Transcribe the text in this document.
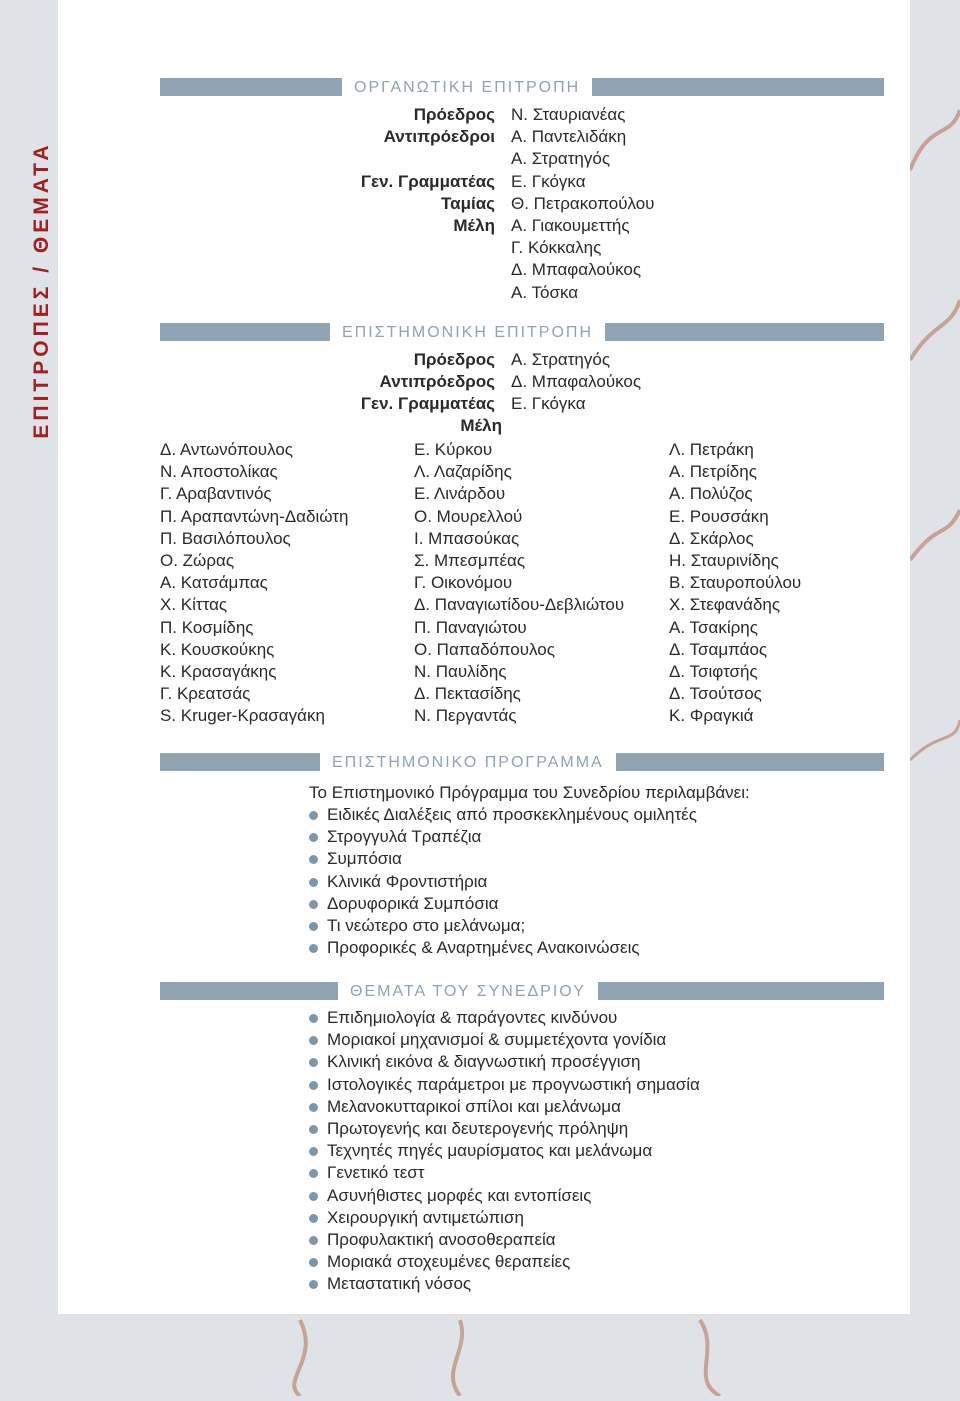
ΕΠΙΤΡΟΠΕΣ / ΘΕΜΑΤΑ
ΟΡΓΑΝΩΤΙΚΗ ΕΠΙΤΡΟΠΗ
Πρόεδρος Ν. Σταυριανέας
Αντιπρόεδροι Α. Παντελιδάκη
Α. Στρατηγός
Γεν. Γραμματέας Ε. Γκόγκα
Ταμίας Θ. Πετρακοπούλου
Μέλη Α. Γιακουμεττής
Γ. Κόκκαλης
Δ. Μπαφαλούκος
Α. Τόσκα
ΕΠΙΣΤΗΜΟΝΙΚΗ ΕΠΙΤΡΟΠΗ
Πρόεδρος Α. Στρατηγός
Αντιπρόεδρος Δ. Μπαφαλούκος
Γεν. Γραμματέας Ε. Γκόγκα
Μέλη
Δ. Αντωνόπουλος
Ν. Αποστολίκας
Γ. Αραβαντινός
Π. Αραπαντώνη-Δαδιώτη
Π. Βασιλόπουλος
Ο. Ζώρας
Α. Κατσάμπας
Χ. Κίττας
Π. Κοσμίδης
Κ. Κουσκούκης
Κ. Κρασαγάκης
Γ. Κρεατσάς
S. Kruger-Κρασαγάκη
Ε. Κύρκου
Λ. Λαζαρίδης
Ε. Λινάρδου
Ο. Μουρελλού
Ι. Μπασούκας
Σ. Μπεσμπέας
Γ. Οικονόμου
Δ. Παναγιωτίδου-Δεβλιώτου
Π. Παναγιώτου
Ο. Παπαδόπουλος
Ν. Παυλίδης
Δ. Πεκτασίδης
Ν. Περγαντάς
Λ. Πετράκη
Α. Πετρίδης
Α. Πολύζος
Ε. Ρουσσάκη
Δ. Σκάρλος
Η. Σταυρινίδης
Β. Σταυροπούλου
Χ. Στεφανάδης
Α. Τσακίρης
Δ. Τσαμπάος
Δ. Τσιφτσής
Δ. Τσούτσος
Κ. Φραγκιά
ΕΠΙΣΤΗΜΟΝΙΚΟ ΠΡΟΓΡΑΜΜΑ
Το Επιστημονικό Πρόγραμμα του Συνεδρίου περιλαμβάνει:
Ειδικές Διαλέξεις από προσκεκλημένους ομιλητές
Στρογγυλά Τραπέζια
Συμπόσια
Κλινικά Φροντιστήρια
Δορυφορικά Συμπόσια
Τι νεώτερο στο μελάνωμα;
Προφορικές & Αναρτημένες Ανακοινώσεις
ΘΕΜΑΤΑ ΤΟΥ ΣΥΝΕΔΡΙΟΥ
Επιδημιολογία & παράγοντες κινδύνου
Μοριακοί μηχανισμοί & συμμετέχοντα γονίδια
Κλινική εικόνα & διαγνωστική προσέγγιση
Ιστολογικές παράμετροι με προγνωστική σημασία
Μελανοκυτταρικοί σπίλοι και μελάνωμα
Πρωτογενής και δευτερογενής πρόληψη
Τεχνητές πηγές μαυρίσματος και μελάνωμα
Γενετικό τεστ
Ασυνήθιστες μορφές και εντοπίσεις
Χειρουργική αντιμετώπιση
Προφυλακτική ανοσοθεραπεία
Μοριακά στοχευμένες θεραπείες
Μεταστατική νόσος
